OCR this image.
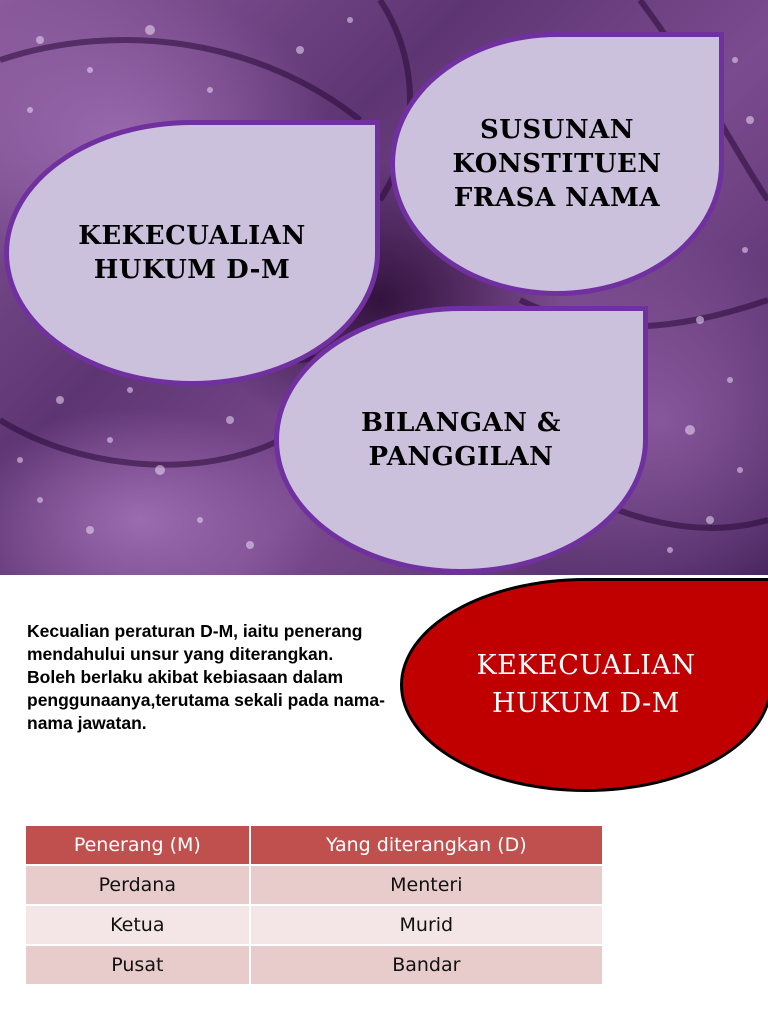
KEKECUALIAN
HUKUM D-M
SUSUNAN
KONSTITUEN
FRASA NAMA
BILANGAN &
PANGGILAN

Kecualian peraturan D-M, iaitu penerang mendahului unsur yang diterangkan.

Boleh berlaku akibat kebiasaan dalam penggunaanya,terutama sekali pada nama-nama jawatan.

KEKECUALIAN
HUKUM D-M
Penerang (M)	Yang diterangkan (D)
Perdana	Menteri
Ketua	Murid
Pusat	Bandar
